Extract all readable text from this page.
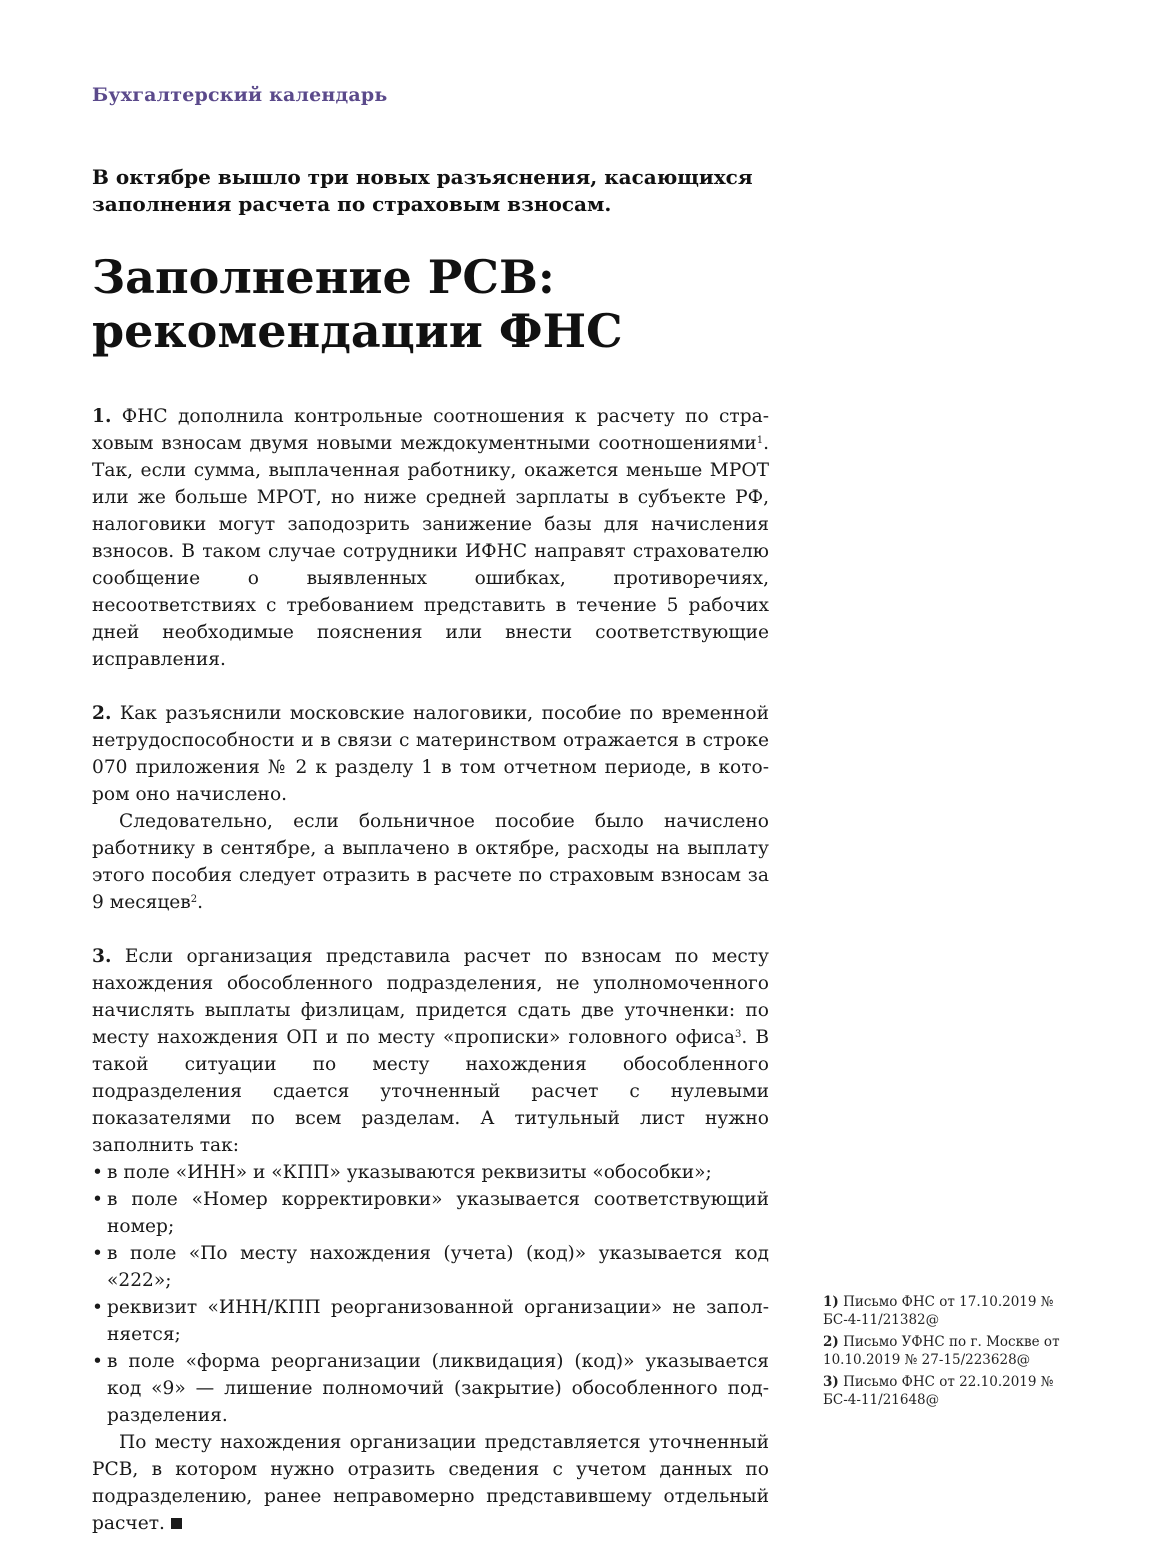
Бухгалтерский календарь
В октябре вышло три новых разъяснения, касающихся заполнения расчета по страховым взносам.
Заполнение РСВ:
рекомендации ФНС

1. ФНС дополнила контрольные соотношения к расчету по страховым взносам двумя новыми междокументными соотношениями$^1$. Так, если сумма, выплаченная работнику, окажется меньше МРОТ или же больше МРОТ, но ниже средней зарплаты в субъекте РФ, налоговики могут заподозрить занижение базы для начисления взносов. В таком случае сотрудники ИФНС направят страхователю сообщение о выявленных ошибках, противоречиях, несоответствиях с требованием представить в течение 5 рабочих дней необходимые пояснения или внести соответствующие исправления.

2. Как разъяснили московские налоговики, пособие по временной нетрудоспособности и в связи с материнством отражается в строке 070 приложения № 2 к разделу 1 в том отчетном периоде, в котором оно начислено.

Следовательно, если больничное пособие было начислено работнику в сентябре, а выплачено в октябре, расходы на выплату этого пособия следует отразить в расчете по страховым взносам за 9 месяцев$^2$.

3. Если организация представила расчет по взносам по месту нахождения обособленного подразделения, не уполномоченного начислять выплаты физлицам, придется сдать две уточненки: по месту нахождения ОП и по месту «прописки» головного офиса$^3$. В такой ситуации по месту нахождения обособленного подразделения сдается уточненный расчет с нулевыми показателями по всем разделам. А титульный лист нужно заполнить так:

• в поле «ИНН» и «КПП» указываются реквизиты «обособки»;
• в поле «Номер корректировки» указывается соответствующий номер;
• в поле «По месту нахождения (учета) (код)» указывается код «222»;
• реквизит «ИНН/КПП реорганизованной организации» не заполняется;
• в поле «форма реорганизации (ликвидация) (код)» указывается код «9» — лишение полномочий (закрытие) обособленного подразделения.

По месту нахождения организации представляется уточненный РСВ, в котором нужно отразить сведения с учетом данных по подразделению, ранее неправомерно представившему отдельный расчет.

1) Письмо ФНС от 17.10.2019 № БС-4-11/21382@
2) Письмо УФНС по г. Москве от 10.10.2019 № 27-15/223628@
3) Письмо ФНС от 22.10.2019 № БС-4-11/21648@
